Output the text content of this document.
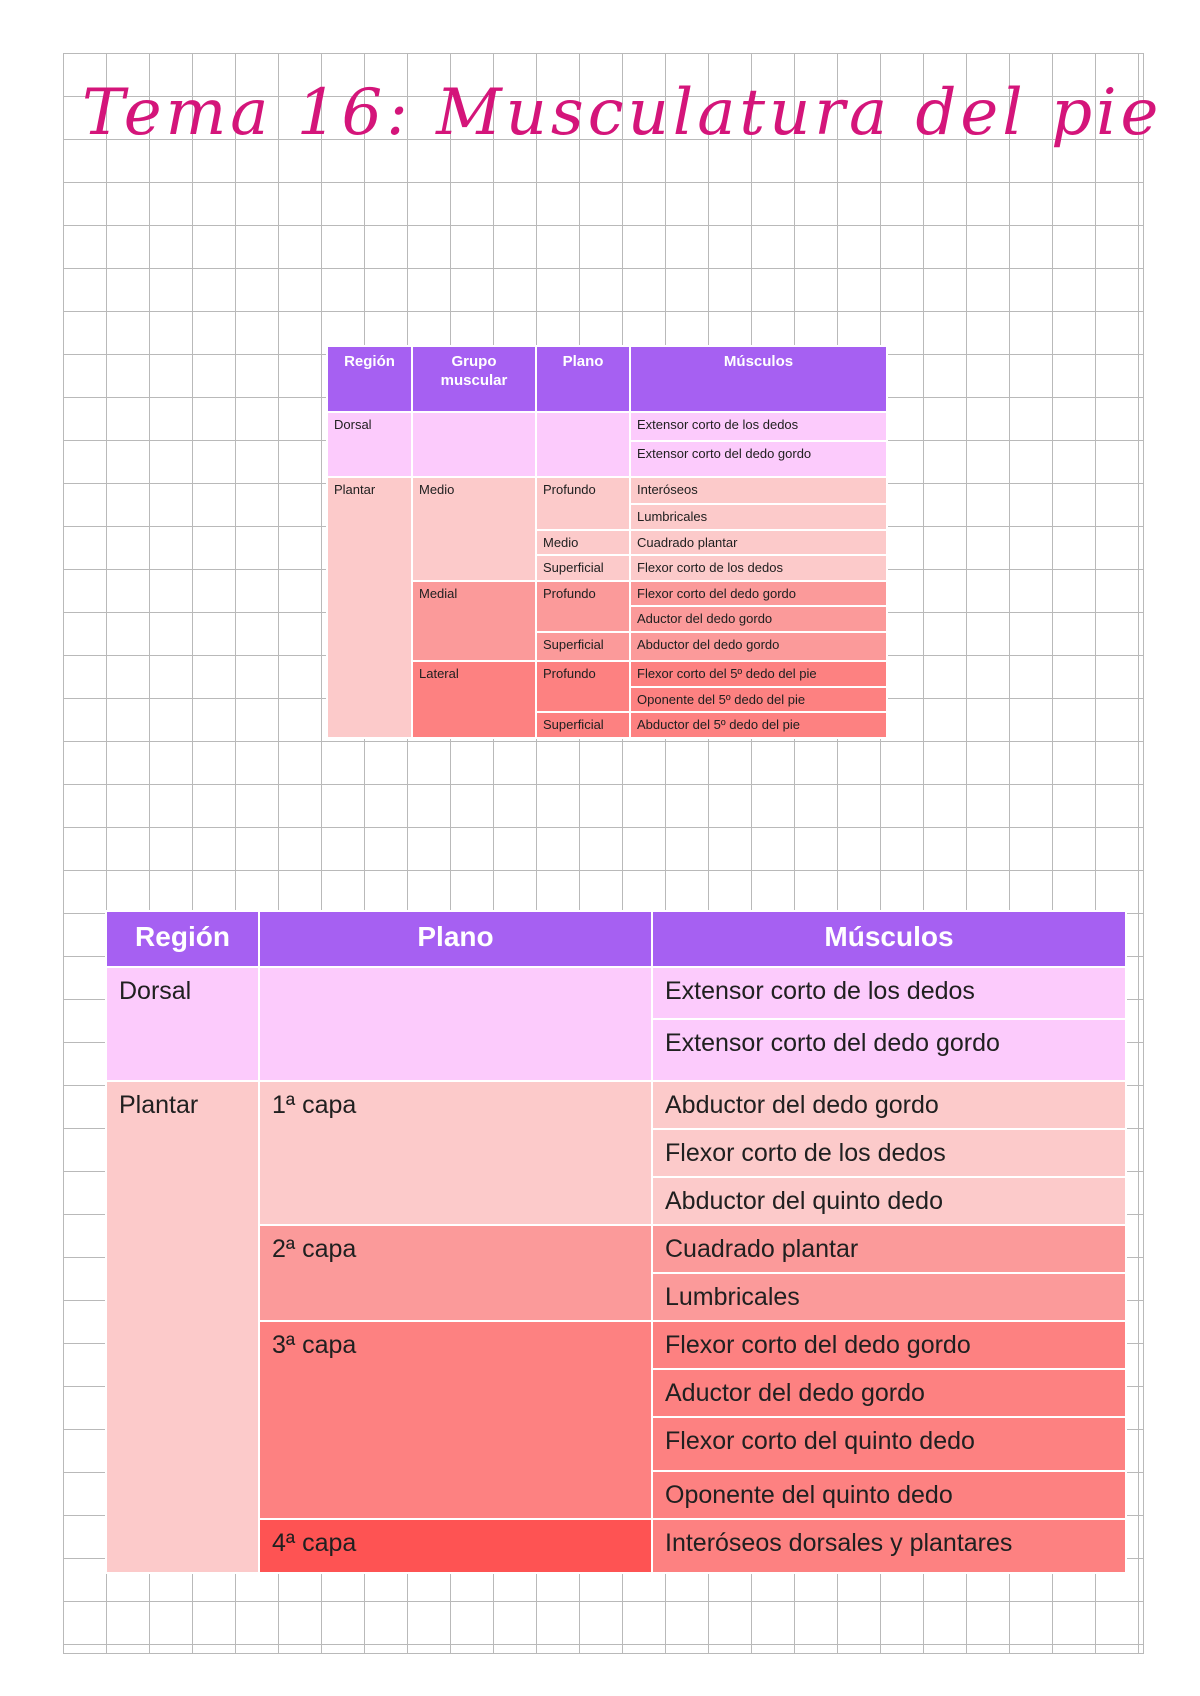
Tema 16: Musculatura del pie
Región	Grupo muscular	Plano	Músculos
Dorsal			Extensor corto de los dedos
			Extensor corto del dedo gordo
Plantar	Medio	Profundo	Interóseos
			Lumbricales
		Medio	Cuadrado plantar
		Superficial	Flexor corto de los dedos
	Medial	Profundo	Flexor corto del dedo gordo
			Aductor del dedo gordo
		Superficial	Abductor del dedo gordo
	Lateral	Profundo	Flexor corto del 5º dedo del pie
			Oponente del 5º dedo del pie
		Superficial	Abductor del 5º dedo del pie
Región	Plano	Músculos
Dorsal		Extensor corto de los dedos
		Extensor corto del dedo gordo
Plantar	1ª capa	Abductor del dedo gordo
		Flexor corto de los dedos
		Abductor del quinto dedo
	2ª capa	Cuadrado plantar
		Lumbricales
	3ª capa	Flexor corto del dedo gordo
		Aductor del dedo gordo
		Flexor corto del quinto dedo
		Oponente del quinto dedo
	4ª capa	Interóseos dorsales y plantares
